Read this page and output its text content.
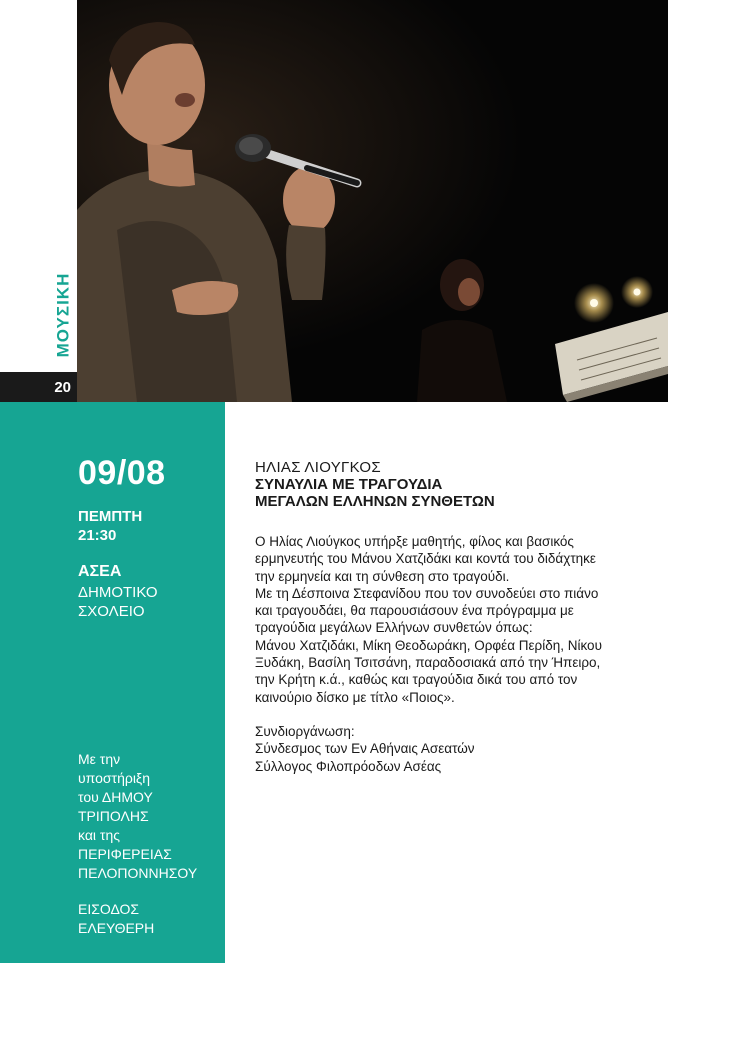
ΜΟΥΣΙΚΗ
20
09/08
ΠΕΜΠΤΗ
21:30
ΑΣΕΑ
ΔΗΜΟΤΙΚΟ
ΣΧΟΛΕΙΟ
Με την
υποστήριξη
του ΔΗΜΟΥ
ΤΡΙΠΟΛΗΣ
και της
ΠΕΡΙΦΕΡΕΙΑΣ
ΠΕΛΟΠΟΝΝΗΣΟΥ
ΕΙΣΟΔΟΣ
ΕΛΕΥΘΕΡΗ
ΗΛΙΑΣ ΛΙΟΥΓΚΟΣ
ΣΥΝΑΥΛΙΑ ΜΕ ΤΡΑΓΟΥΔΙΑ
ΜΕΓΑΛΩΝ ΕΛΛΗΝΩΝ ΣΥΝΘΕΤΩΝ
Ο Ηλίας Λιούγκος υπήρξε μαθητής, φίλος και βασικός
ερμηνευτής του Μάνου Χατζιδάκι και κοντά του διδάχτηκε
την ερμηνεία και τη σύνθεση στο τραγούδι.
Με τη Δέσποινα Στεφανίδου που τον συνοδεύει στο πιάνο
και τραγουδάει, θα παρουσιάσουν ένα πρόγραμμα με
τραγούδια μεγάλων Ελλήνων συνθετών όπως:
Μάνου Χατζιδάκι, Μίκη Θεοδωράκη, Ορφέα Περίδη, Νίκου
Ξυδάκη, Βασίλη Τσιτσάνη, παραδοσιακά από την Ήπειρο,
την Κρήτη κ.ά., καθώς και τραγούδια δικά του από τον
καινούριο δίσκο με τίτλο «Ποιος».
Συνδιοργάνωση:
Σύνδεσμος των Εν Αθήναις Ασεατών
Σύλλογος Φιλοπρόοδων Ασέας
